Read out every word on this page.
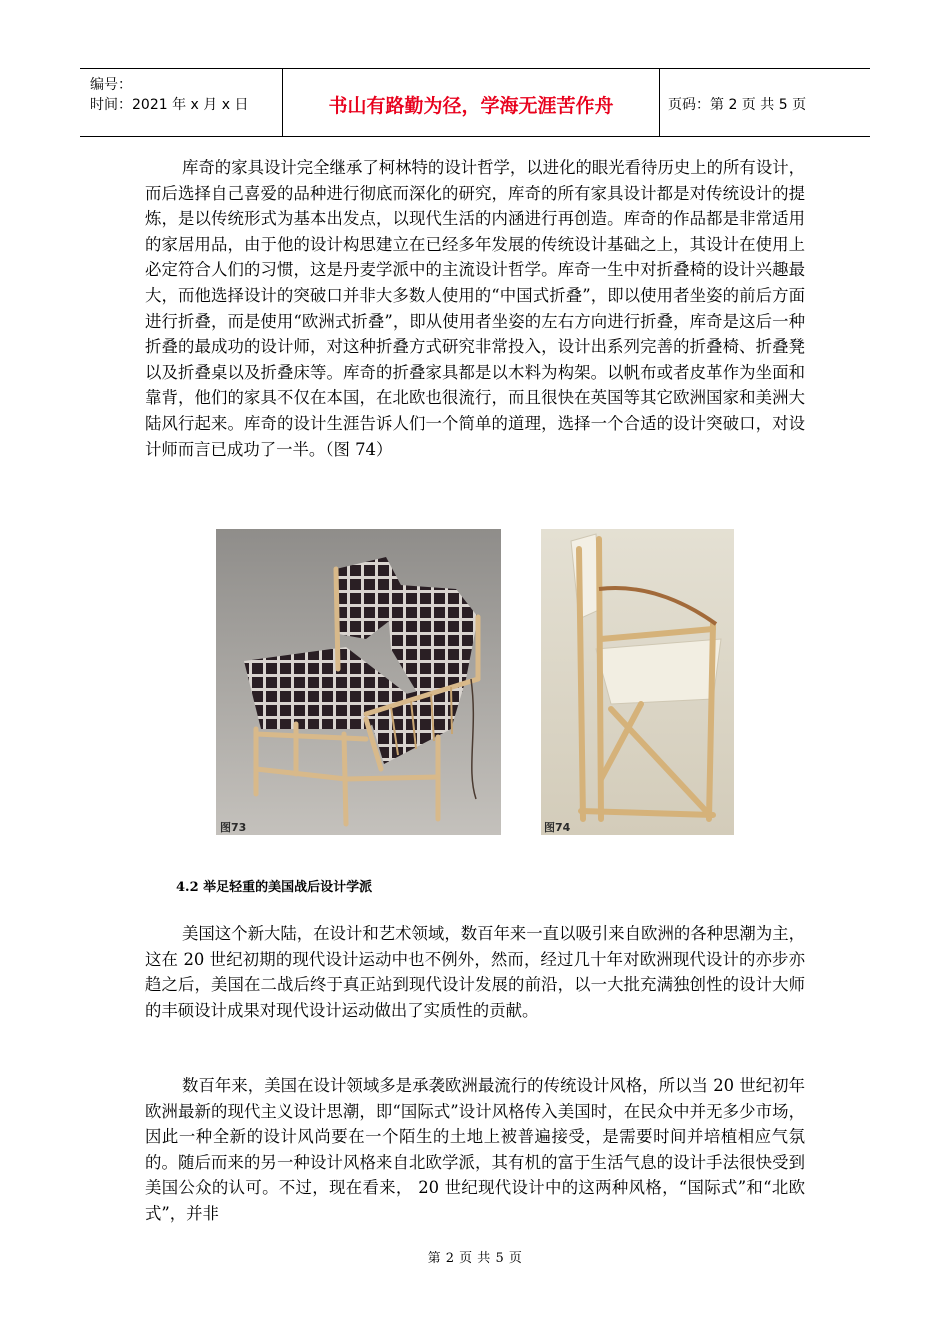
编号：
时间：2021 年 x 月 x 日	书山有路勤为径，学海无涯苦作舟	页码：第 2 页 共 5 页
库奇的家具设计完全继承了柯林特的设计哲学，以进化的眼光看待历史上的所有设计，而后选择自己喜爱的品种进行彻底而深化的研究，库奇的所有家具设计都是对传统设计的提炼，是以传统形式为基本出发点，以现代生活的内涵进行再创造。库奇的作品都是非常适用的家居用品，由于他的设计构思建立在已经多年发展的传统设计基础之上，其设计在使用上必定符合人们的习惯，这是丹麦学派中的主流设计哲学。库奇一生中对折叠椅的设计兴趣最大，而他选择设计的突破口并非大多数人使用的“中国式折叠”，即以使用者坐姿的前后方面进行折叠，而是使用“欧洲式折叠”，即从使用者坐姿的左右方向进行折叠，库奇是这后一种折叠的最成功的设计师，对这种折叠方式研究非常投入，设计出系列完善的折叠椅、折叠凳以及折叠桌以及折叠床等。库奇的折叠家具都是以木料为构架。以帆布或者皮革作为坐面和靠背，他们的家具不仅在本国，在北欧也很流行，而且很快在英国等其它欧洲国家和美洲大陆风行起来。库奇的设计生涯告诉人们一个简单的道理，选择一个合适的设计突破口，对设计师而言已成功了一半。（图 74）
图73	图74
4.2 举足轻重的美国战后设计学派
美国这个新大陆，在设计和艺术领域，数百年来一直以吸引来自欧洲的各种思潮为主，这在 20 世纪初期的现代设计运动中也不例外，然而，经过几十年对欧洲现代设计的亦步亦趋之后，美国在二战后终于真正站到现代设计发展的前沿，以一大批充满独创性的设计大师的丰硕设计成果对现代设计运动做出了实质性的贡献。
数百年来，美国在设计领域多是承袭欧洲最流行的传统设计风格，所以当 20 世纪初年欧洲最新的现代主义设计思潮，即“国际式”设计风格传入美国时，在民众中并无多少市场，因此一种全新的设计风尚要在一个陌生的土地上被普遍接受，是需要时间并培植相应气氛的。随后而来的另一种设计风格来自北欧学派，其有机的富于生活气息的设计手法很快受到美国公众的认可。不过，现在看来， 20 世纪现代设计中的这两种风格，“国际式”和“北欧式”，并非
第 2 页 共 5 页
